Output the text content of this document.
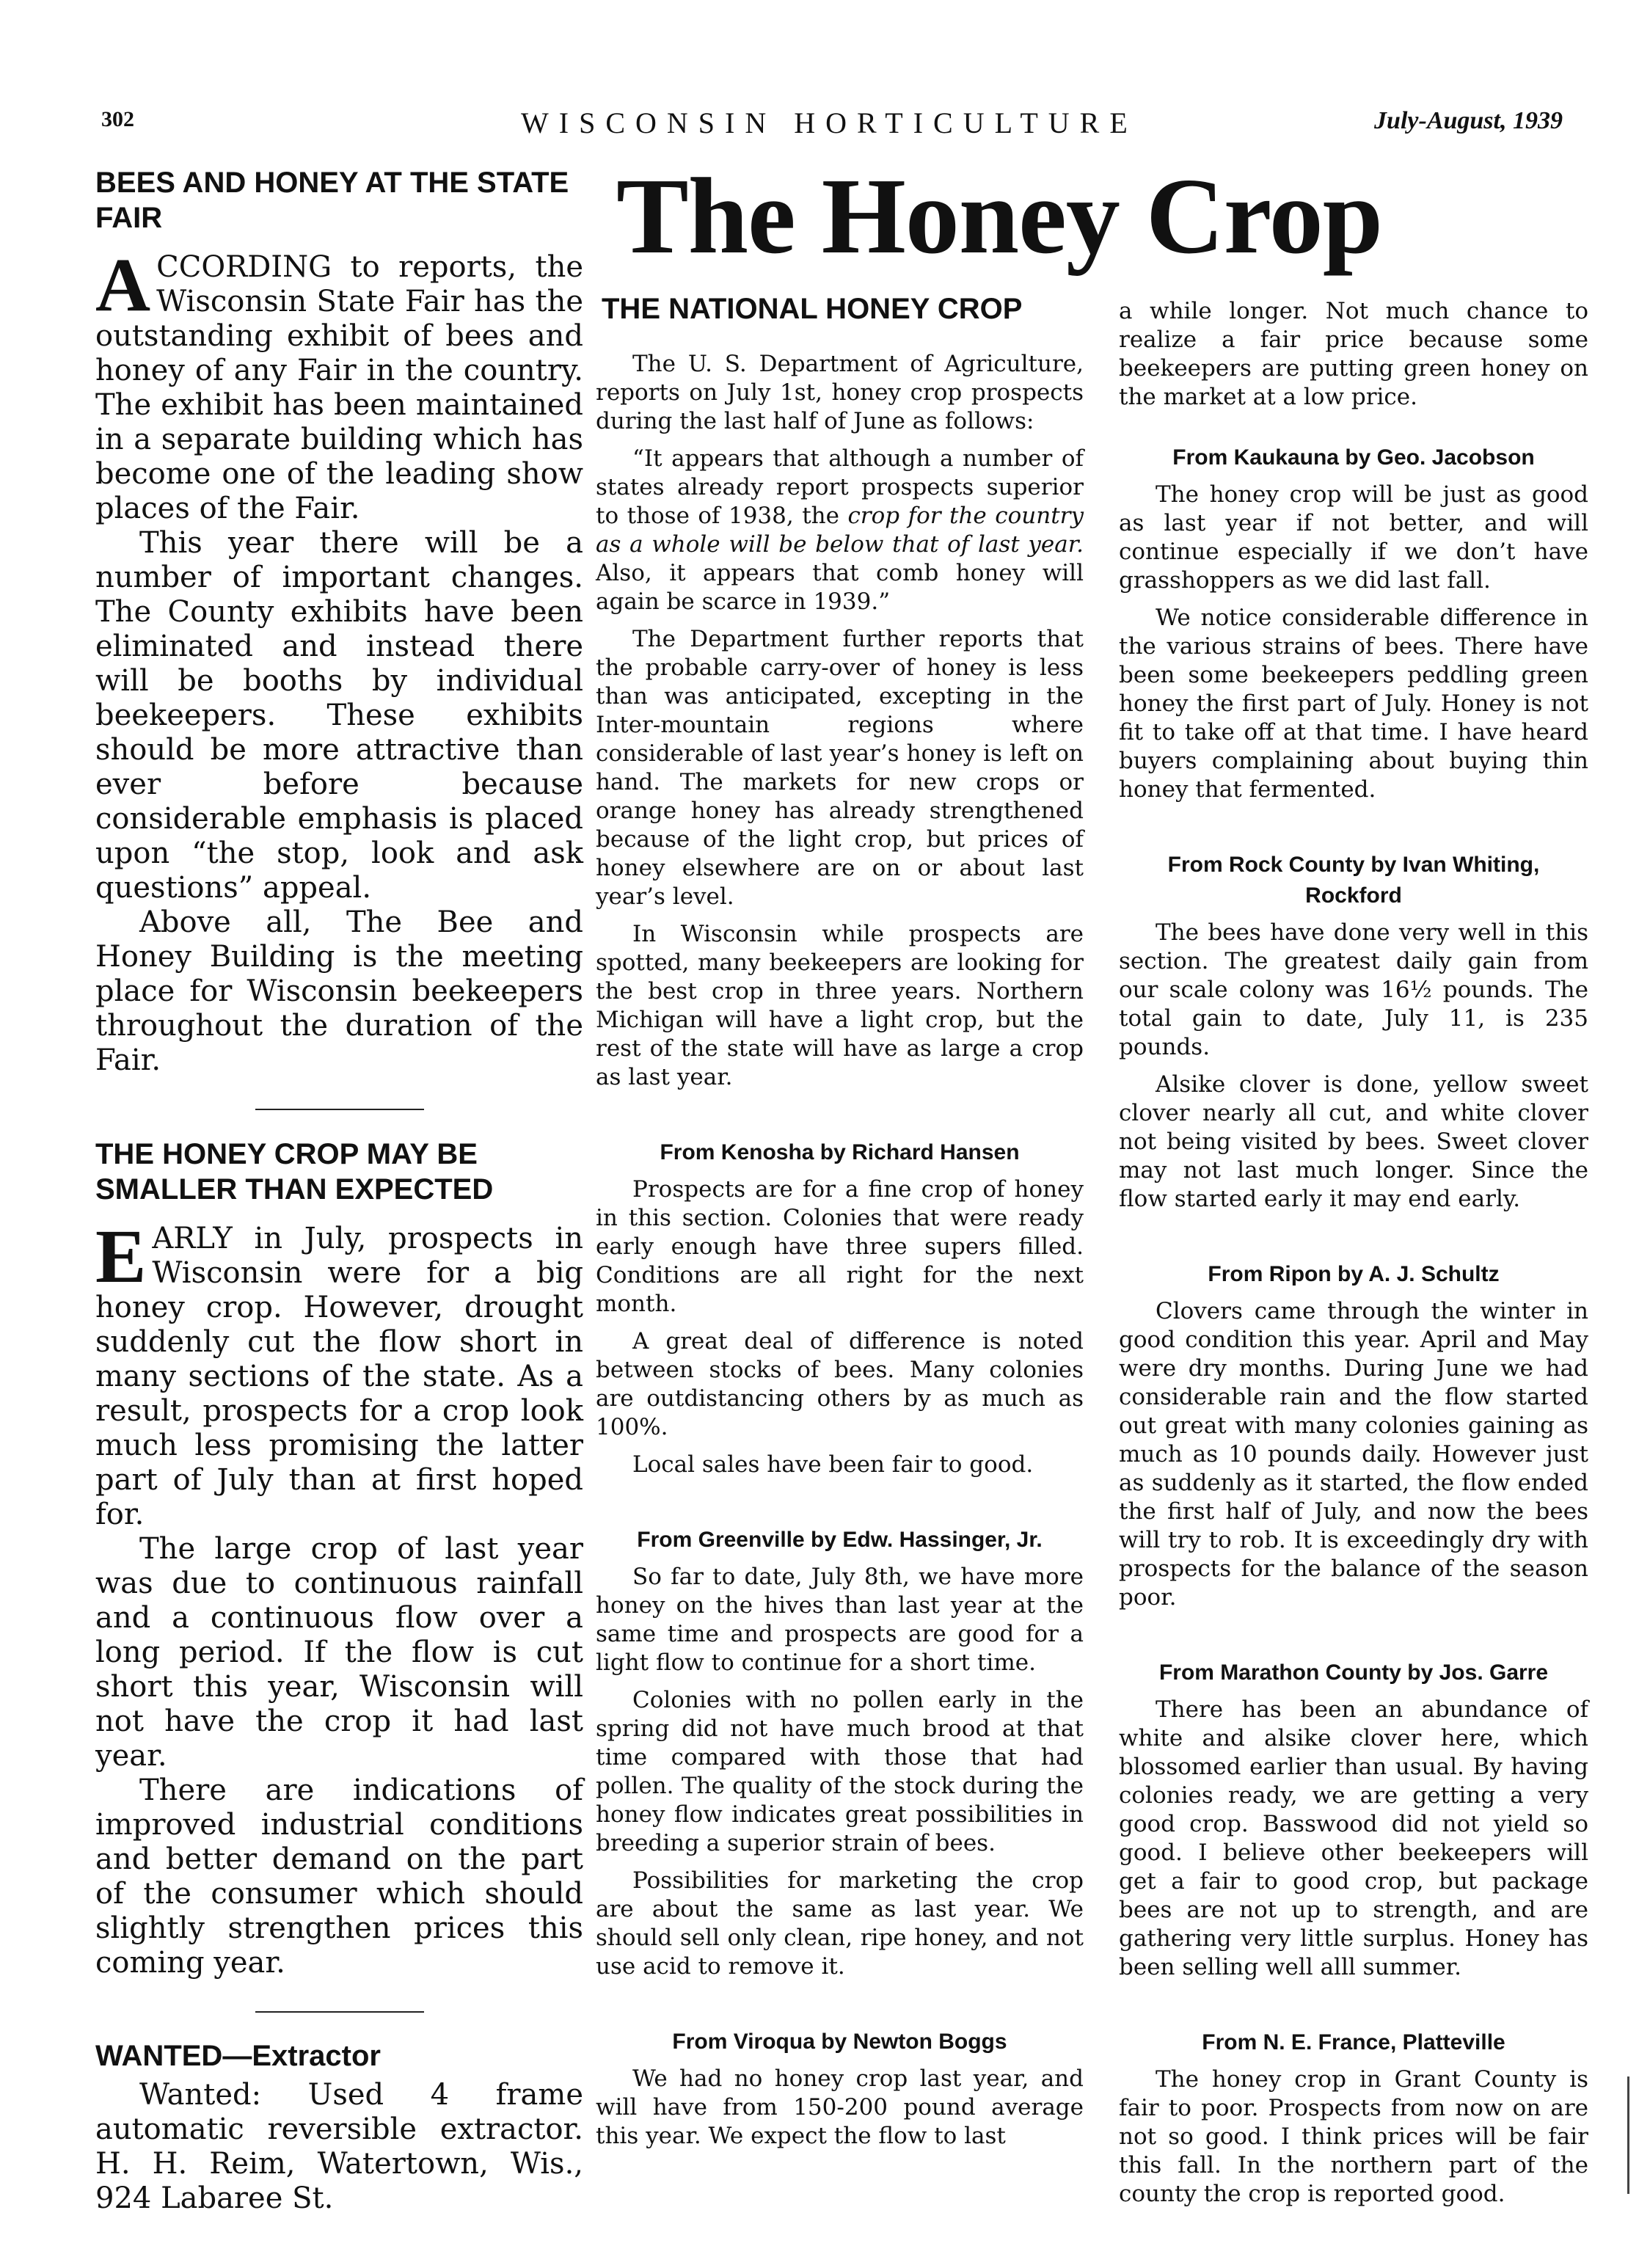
302	WISCONSIN HORTICULTURE	July-August, 1939
The Honey Crop
BEES AND HONEY AT THE STATE FAIR

ACCORDING to reports, the Wisconsin State Fair has the outstanding exhibit of bees and honey of any Fair in the country. The exhibit has been maintained in a separate building which has become one of the leading show places of the Fair.

This year there will be a number of important changes. The County exhibits have been eliminated and instead there will be booths by individual beekeepers. These exhibits should be more attractive than ever before because considerable emphasis is placed upon “the stop, look and ask questions” appeal.

Above all, The Bee and Honey Building is the meeting place for Wisconsin beekeepers throughout the duration of the Fair.

THE HONEY CROP MAY BE SMALLER THAN EXPECTED

EARLY in July, prospects in Wisconsin were for a big honey crop. However, drought suddenly cut the flow short in many sections of the state. As a result, prospects for a crop look much less promising the latter part of July than at first hoped for.

The large crop of last year was due to continuous rainfall and a continuous flow over a long period. If the flow is cut short this year, Wisconsin will not have the crop it had last year.

There are indications of improved industrial conditions and better demand on the part of the consumer which should slightly strengthen prices this coming year.

WANTED—Extractor

Wanted: Used 4 frame automatic reversible extractor. H. H. Reim, Watertown, Wis., 924 Labaree St.

THE NATIONAL HONEY CROP

The U. S. Department of Agriculture, reports on July 1st, honey crop prospects during the last half of June as follows:

“It appears that although a number of states already report prospects superior to those of 1938, the crop for the country as a whole will be below that of last year. Also, it appears that comb honey will again be scarce in 1939.”

The Department further reports that the probable carry-over of honey is less than was anticipated, excepting in the Inter-mountain regions where considerable of last year’s honey is left on hand. The markets for new crops or orange honey has already strengthened because of the light crop, but prices of honey elsewhere are on or about last year’s level.

In Wisconsin while prospects are spotted, many beekeepers are looking for the best crop in three years. Northern Michigan will have a light crop, but the rest of the state will have as large a crop as last year.

From Kenosha by Richard Hansen

Prospects are for a fine crop of honey in this section. Colonies that were ready early enough have three supers filled. Conditions are all right for the next month.

A great deal of difference is noted between stocks of bees. Many colonies are outdistancing others by as much as 100%.

Local sales have been fair to good.

From Greenville by Edw. Hassinger, Jr.

So far to date, July 8th, we have more honey on the hives than last year at the same time and prospects are good for a light flow to continue for a short time.

Colonies with no pollen early in the spring did not have much brood at that time compared with those that had pollen. The quality of the stock during the honey flow indicates great possibilities in breeding a superior strain of bees.

Possibilities for marketing the crop are about the same as last year. We should sell only clean, ripe honey, and not use acid to remove it.

From Viroqua by Newton Boggs

We had no honey crop last year, and will have from 150-200 pound average this year. We expect the flow to last

a while longer. Not much chance to realize a fair price because some beekeepers are putting green honey on the market at a low price.

From Kaukauna by Geo. Jacobson

The honey crop will be just as good as last year if not better, and will continue especially if we don’t have grasshoppers as we did last fall.

We notice considerable difference in the various strains of bees. There have been some beekeepers peddling green honey the first part of July. Honey is not fit to take off at that time. I have heard buyers complaining about buying thin honey that fermented.

From Rock County by Ivan Whiting, Rockford

The bees have done very well in this section. The greatest daily gain from our scale colony was 16½ pounds. The total gain to date, July 11, is 235 pounds.

Alsike clover is done, yellow sweet clover nearly all cut, and white clover not being visited by bees. Sweet clover may not last much longer. Since the flow started early it may end early.

From Ripon by A. J. Schultz

Clovers came through the winter in good condition this year. April and May were dry months. During June we had considerable rain and the flow started out great with many colonies gaining as much as 10 pounds daily. However just as suddenly as it started, the flow ended the first half of July, and now the bees will try to rob. It is exceedingly dry with prospects for the balance of the season poor.

From Marathon County by Jos. Garre

There has been an abundance of white and alsike clover here, which blossomed earlier than usual. By having colonies ready, we are getting a very good crop. Basswood did not yield so good. I believe other beekeepers will get a fair to good crop, but package bees are not up to strength, and are gathering very little surplus. Honey has been selling well alll summer.

From N. E. France, Platteville

The honey crop in Grant County is fair to poor. Prospects from now on are not so good. I think prices will be fair this fall. In the northern part of the county the crop is reported good.
